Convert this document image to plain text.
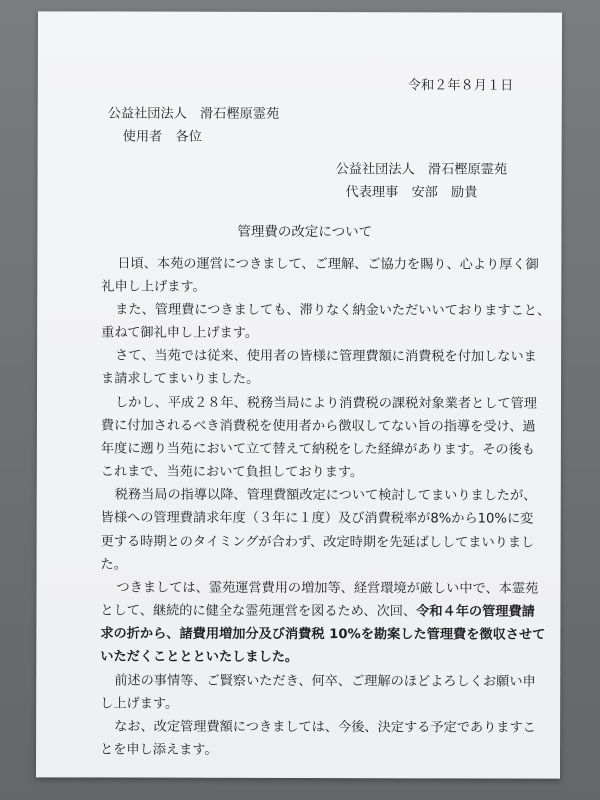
令和２年８月１日
公益社団法人　滑石樫原霊苑
使用者　各位
公益社団法人　滑石樫原霊苑
代表理事　安部　励貴
管理費の改定について
日頃、本苑の運営につきまして、ご理解、ご協力を賜り、心より厚く御
礼申し上げます。
また、管理費につきましても、滞りなく納金いただいいておりますこと、
重ねて御礼申し上げます。
さて、当苑では従来、使用者の皆様に管理費額に消費税を付加しないま
ま請求してまいりました。
しかし、平成２８年、税務当局により消費税の課税対象業者として管理
費に付加されるべき消費税を使用者から徴収してない旨の指導を受け、過
年度に遡り当苑において立て替えて納税をした経緯があります。その後も
これまで、当苑において負担しております。
税務当局の指導以降、管理費額改定について検討してまいりましたが、
皆様への管理費請求年度（３年に１度）及び消費税率が8%から10%に変
更する時期とのタイミングが合わず、改定時期を先延ばししてまいりまし
た。
つきましては、霊苑運営費用の増加等、経営環境が厳しい中で、本霊苑
として、継続的に健全な霊苑運営を図るため、次回、令和４年の管理費請
求の折から、諸費用増加分及び消費税 10%を勘案した管理費を徴収させて
いただくこととといたしました。
前述の事情等、ご賢察いただき、何卒、ご理解のほどよろしくお願い申
し上げます。
なお、改定管理費額につきましては、今後、決定する予定でありますこ
とを申し添えます。
